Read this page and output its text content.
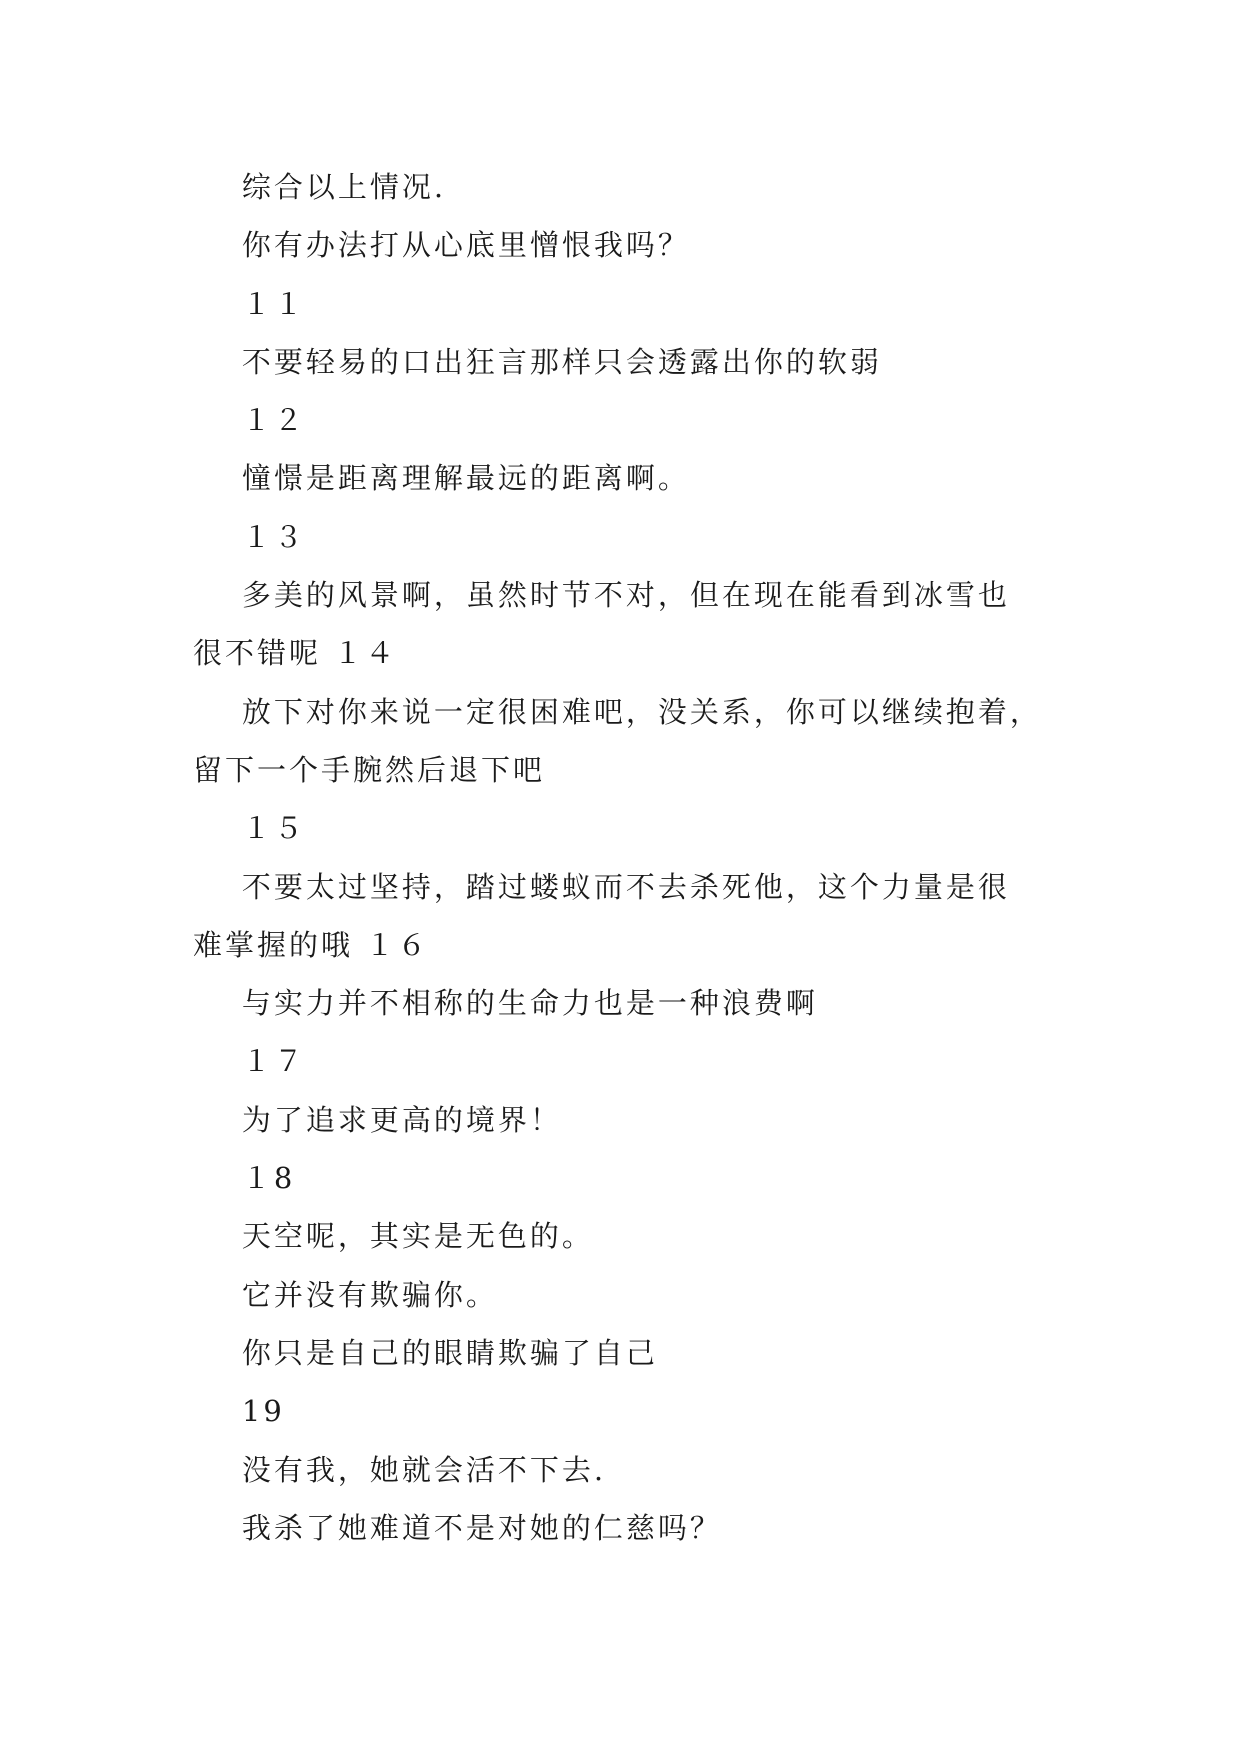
综合以上情况.

你有办法打从心底里憎恨我吗？

１１

不要轻易的口出狂言那样只会透露出你的软弱

１２

憧憬是距离理解最远的距离啊。

１３

多美的风景啊，虽然时节不对，但在现在能看到冰雪也

很不错呢 １４

放下对你来说一定很困难吧，没关系，你可以继续抱着，

留下一个手腕然后退下吧

１５

不要太过坚持，踏过蝼蚁而不去杀死他，这个力量是很

难掌握的哦 １６

与实力并不相称的生命力也是一种浪费啊

１７

为了追求更高的境界！

１8

天空呢，其实是无色的。

它并没有欺骗你。

你只是自己的眼睛欺骗了自己

19

没有我，她就会活不下去.

我杀了她难道不是对她的仁慈吗？
